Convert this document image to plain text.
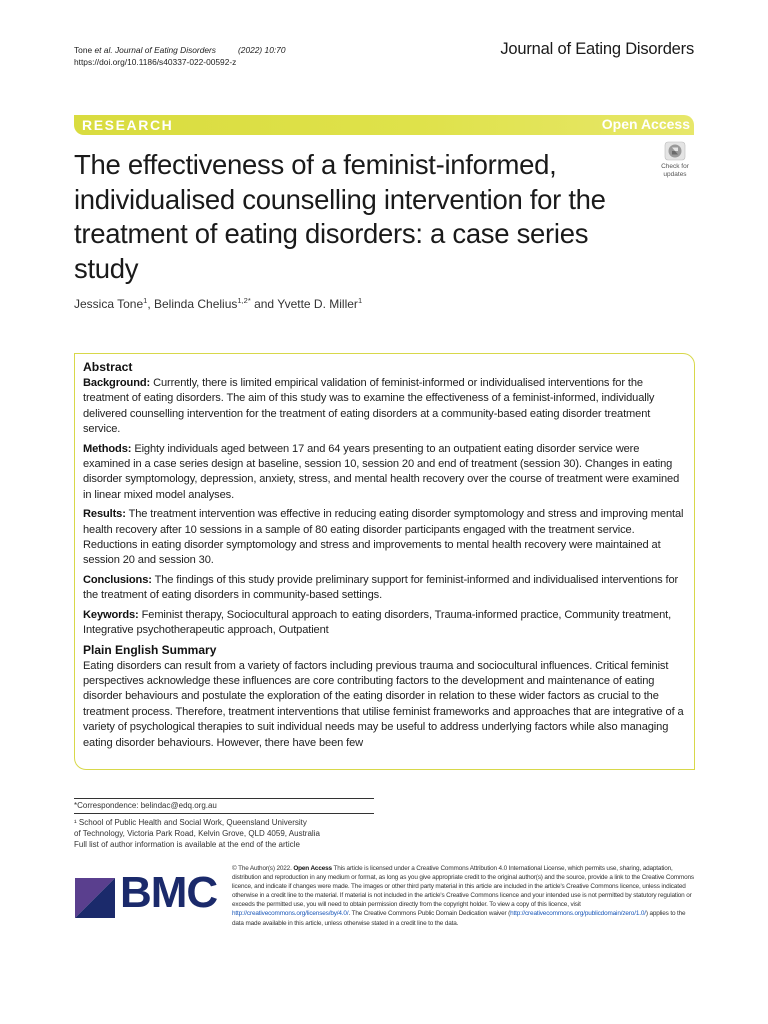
Tone et al. Journal of Eating Disorders	(2022) 10:70
https://doi.org/10.1186/s40337-022-00592-z
Journal of Eating Disorders
RESEARCH	Open Access
The effectiveness of a feminist-informed, individualised counselling intervention for the treatment of eating disorders: a case series study
Check for
updates
Jessica Tone$^1$, Belinda Chelius$^{1,2*}$ and Yvette D. Miller$^1$
Abstract

Background: Currently, there is limited empirical validation of feminist-informed or individualised interventions for the treatment of eating disorders. The aim of this study was to examine the effectiveness of a feminist-informed, individually delivered counselling intervention for the treatment of eating disorders at a community-based eating disorder treatment service.

Methods: Eighty individuals aged between 17 and 64 years presenting to an outpatient eating disorder service were examined in a case series design at baseline, session 10, session 20 and end of treatment (session 30). Changes in eating disorder symptomology, depression, anxiety, stress, and mental health recovery over the course of treatment were examined in linear mixed model analyses.

Results: The treatment intervention was effective in reducing eating disorder symptomology and stress and improving mental health recovery after 10 sessions in a sample of 80 eating disorder participants engaged with the treatment service. Reductions in eating disorder symptomology and stress and improvements to mental health recovery were maintained at session 20 and session 30.

Conclusions: The findings of this study provide preliminary support for feminist-informed and individualised interventions for the treatment of eating disorders in community-based settings.

Keywords: Feminist therapy, Sociocultural approach to eating disorders, Trauma-informed practice, Community treatment, Integrative psychotherapeutic approach, Outpatient

Plain English Summary

Eating disorders can result from a variety of factors including previous trauma and sociocultural influences. Critical feminist perspectives acknowledge these influences are core contributing factors to the development and maintenance of eating disorder behaviours and postulate the exploration of the eating disorder in relation to these wider factors as crucial to the treatment process. Therefore, treatment interventions that utilise feminist frameworks and approaches that are integrative of a variety of psychological therapies to suit individual needs may be useful to address underlying factors while also managing eating disorder behaviours. However, there have been few

*Correspondence: belindac@edq.org.au
¹ School of Public Health and Social Work, Queensland University
of Technology, Victoria Park Road, Kelvin Grove, QLD 4059, Australia
Full list of author information is available at the end of the article
BMC © The Author(s) 2022. Open Access This article is licensed under a Creative Commons Attribution 4.0 International License, which permits use, sharing, adaptation, distribution and reproduction in any medium or format, as long as you give appropriate credit to the original author(s) and the source, provide a link to the Creative Commons licence, and indicate if changes were made. The images or other third party material in this article are included in the article's Creative Commons licence, unless indicated otherwise in a credit line to the material. If material is not included in the article's Creative Commons licence and your intended use is not permitted by statutory regulation or exceeds the permitted use, you will need to obtain permission directly from the copyright holder. To view a copy of this licence, visit http://creativecommons.org/licenses/by/4.0/. The Creative Commons Public Domain Dedication waiver (http://creativecommons.org/publicdomain/zero/1.0/) applies to the data made available in this article, unless otherwise stated in a credit line to the data.
